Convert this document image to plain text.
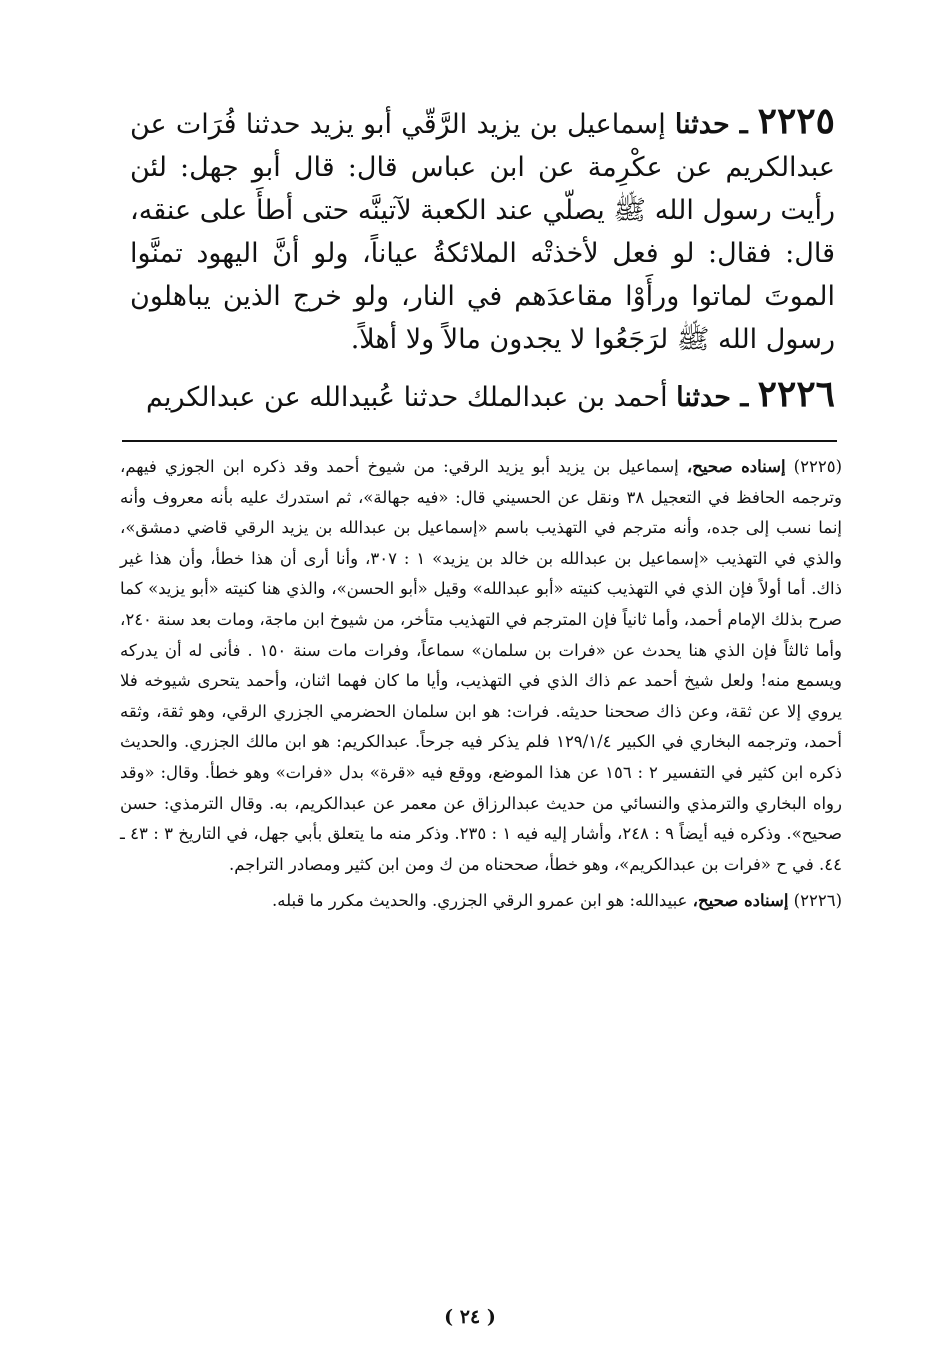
٢٢٢٥ ـ حدثنا إسماعيل بن يزيد الرَّقّي أبو يزيد حدثنا فُرَات عن عبدالكريم عن عكْرِمة عن ابن عباس قال: قال أبو جهل: لئن رأيت رسول الله ﷺ يصلّي عند الكعبة لآتينَّه حتى أطأَ على عنقه، قال: فقال: لو فعل لأخذتْه الملائكةُ عياناً، ولو أنَّ اليهود تمنَّوا الموتَ لماتوا ورأَوْا مقاعدَهم في النار، ولو خرج الذين يباهلون رسول الله ﷺ لرَجَعُوا لا يجدون مالاً ولا أهلاً.

٢٢٢٦ ـ حدثنا أحمد بن عبدالملك حدثنا عُبيدالله عن عبدالكريم

(٢٢٢٥) إسناده صحيح، إسماعيل بن يزيد أبو يزيد الرقي: من شيوخ أحمد وقد ذكره ابن الجوزي فيهم، وترجمه الحافظ في التعجيل ٣٨ ونقل عن الحسيني قال: «فيه جهالة»، ثم استدرك عليه بأنه معروف وأنه إنما نسب إلى جده، وأنه مترجم في التهذيب باسم «إسماعيل بن عبدالله بن يزيد الرقي قاضي دمشق»، والذي في التهذيب «إسماعيل بن عبدالله بن خالد بن يزيد» ١ : ٣٠٧، وأنا أرى أن هذا خطأ، وأن هذا غير ذاك. أما أولاً فإن الذي في التهذيب كنيته «أبو عبدالله» وقيل «أبو الحسن»، والذي هنا كنيته «أبو يزيد» كما صرح بذلك الإمام أحمد، وأما ثانياً فإن المترجم في التهذيب متأخر، من شيوخ ابن ماجة، ومات بعد سنة ٢٤٠، وأما ثالثاً فإن الذي هنا يحدث عن «فرات بن سلمان» سماعاً، وفرات مات سنة ١٥٠ . فأنى له أن يدركه ويسمع منه! ولعل شيخ أحمد عم ذاك الذي في التهذيب، وأيا ما كان فهما اثنان، وأحمد يتحرى شيوخه فلا يروي إلا عن ثقة، وعن ذاك صححنا حديثه. فرات: هو ابن سلمان الحضرمي الجزري الرقي، وهو ثقة، وثقه أحمد، وترجمه البخاري في الكبير ١٢٩/١/٤ فلم يذكر فيه جرحاً. عبدالكريم: هو ابن مالك الجزري. والحديث ذكره ابن كثير في التفسير ٢ : ١٥٦ عن هذا الموضع، ووقع فيه «قرة» بدل «فرات» وهو خطأ. وقال: «وقد رواه البخاري والترمذي والنسائي من حديث عبدالرزاق عن معمر عن عبدالكريم، به. وقال الترمذي: حسن صحيح». وذكره فيه أيضاً ٩ : ٢٤٨، وأشار إليه فيه ١ : ٢٣٥. وذكر منه ما يتعلق بأبي جهل، في التاريخ ٣ : ٤٣ ـ ٤٤. في ح «فرات بن عبدالكريم»، وهو خطأ، صححناه من ك ومن ابن كثير ومصادر التراجم.

(٢٢٢٦) إسناده صحيح، عبيدالله: هو ابن عمرو الرقي الجزري. والحديث مكرر ما قبله.

( ٢٤ )
